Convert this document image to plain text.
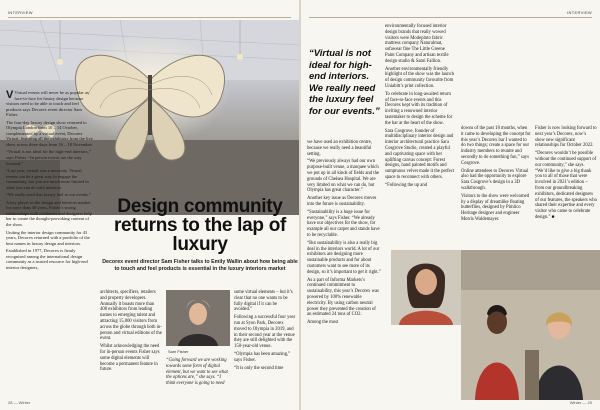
INTERVIEW

V Virtual events will never be as popular as face-to-face for luxury design because visitors need to be able to touch and feel products says Decorex event director Sam Fisher.

The four-day luxury design show returned to Olympia London from 10 – 14 October, complemented by a virtual event, Decorex Virtual, featuring all the exhibitors from the live show across three days from 16 – 18 November.

“Virtual is not ideal for the high-end interiors,” says Fisher. “In person events are the way forward.”

“Last year, virtual was a necessity. Virtual events can be a great way to engage the community, but you are much more limited in what you can do with interiors.

“We really need that luxury feel to our events.”

A key player in the design and interiors market for more than 40 years, Fisher’s strong relationships with exhibitors and designers help her to create the thought-provoking content of the show.

Uniting the interior design community for 43 years, Decorex returned with a portfolio of the best names in luxury design and interiors.

Established in 1977, Decorex is firmly recognised among the international design community as a trusted resource for high-end interior designers,

Design community returns to the lap of luxury
Decorex event director Sam Fisher talks to Emily Wallin about how being able to touch and feel products is essential in the luxury interiors market

architects, specifiers, retailers and property developers. Annually it boasts more than 400 exhibitors from leading names to emerging talent and attracting 15,000 visitors from across the globe through both in-person and virtual editions of the event.

Whilst acknowledging the need for in-person events Fisher says some digital elements will become a permanent feature in future.

Sam Fisher
“Going forward we are working towards some form of digital element, but we want to see what the options are,” she says. “I think everyone is going to need

some virtual elements – but it’s clear that no one wants to be fully digital if it can be avoided.”

Following a successful four year run at Syon Park, Decorex moved to Olympia in 2019, and in their second year at the venue they are still delighted with the 150-year-old venue.

“Olympia has been amazing,” says Fisher.

“It is only the second time

28 — Winter
INTERVIEW
“Virtual is not ideal for high-end interiors. We really need the luxury feel for our events.”

we have used an exhibition centre, because we really need a beautiful setting.

“We previously always had our own purpose-built venue, a marquee which we put up in all kinds of fields and the grounds of Chelsea Hospital. We are very limited on what we can do, but Olympia has great character.”

Another key issue as Decorex moves into the future is sustainability.

“Sustainability is a huge issue for everyone,” says Fisher. “We already have our objectives for the show, for example all our carpet and stands have to be recyclable.

“But sustainability is also a really big deal in the interiors world. A lot of our exhibitors are designing more sustainable products and for about customers want to see more of its design, so it’s important to get it right.”

As a part of Informa Markets’s continued commitment to sustainability, this year’s Decorex was powered by 100% renewable electricity. By using carbon neutral power they prevented the creation of an estimated 24 tons of CO2.

Among the most

environmentally focused interior design brands that really wowed visitors were Modepluto fabric mattress company Naturalmat, sofawear fine The Little Greene Paint Company and artisan textile design studio & Sami Fallion.

Another environmentally friendly highlight of the show was the launch of design community favourite from Uniabitt’s print collection.

To celebrate in long-awaited return of face-to-face events and this Decorex kept with its tradition of inviting a renowned interior tastemaker to design the scheme for the bar at the heart of the show.

Sara Cosgrove, founder of multidisciplinary interior design and interior architectural practice Sara Cosgrove Studio, created a playful and captivating space with her uplifting canvas concept: Forest designs, hand painted motifs and sumptuous velvet made it the perfect space to reconnect with others.

“Following the up and

downs of the past 18 months, when it came to developing the concept for this year’s Decorex bar I wanted to do two things; create a space for our industry members to reunite and secondly to do something fun,” says Cosgrove.

Online attendees to Decorex Virtual also had the opportunity to explore Sara Cosgrove’s design in a 3D walkthrough.

Visitors to the show were welcomed by a display of dreamlike floating butterflies, designed by Pimlico Heritage designer and engineer Morris Waldemayer.

Fisher is now looking forward to next year’s Decorex, now’s show new significant relationships for October 2022.

“Decorex wouldn’t be possible without the continued support of our community,” she says. “We’d like to give a big thank you to all of those that were involved in 2021’s edition – from our groundbreaking exhibitors, dedicated designers of our features, the speakers who shared their expertise and every visitor who came to celebrate design.” ■

Winter — 29
